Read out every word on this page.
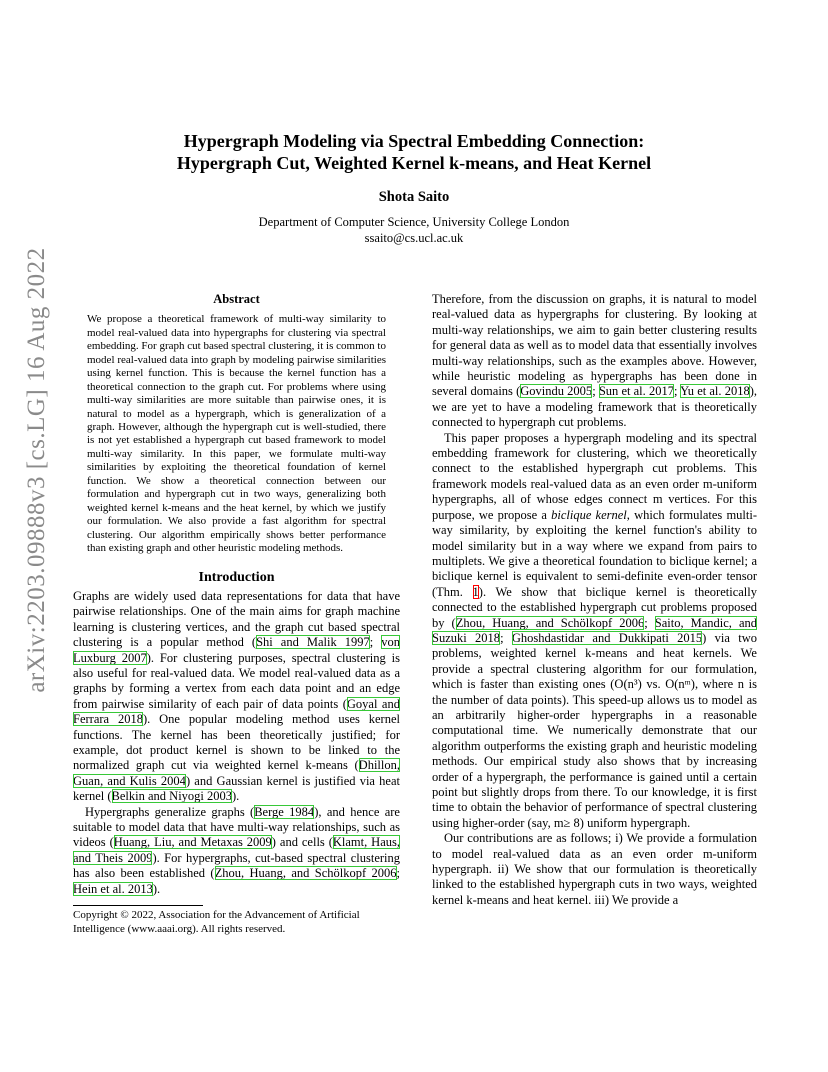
arXiv:2203.09888v3 [cs.LG] 16 Aug 2022
Hypergraph Modeling via Spectral Embedding Connection:
Hypergraph Cut, Weighted Kernel k-means, and Heat Kernel
Shota Saito
Department of Computer Science, University College London
ssaito@cs.ucl.ac.uk
Abstract

We propose a theoretical framework of multi-way similarity to model real-valued data into hypergraphs for clustering via spectral embedding. For graph cut based spectral clustering, it is common to model real-valued data into graph by modeling pairwise similarities using kernel function. This is because the kernel function has a theoretical connection to the graph cut. For problems where using multi-way similarities are more suitable than pairwise ones, it is natural to model as a hypergraph, which is generalization of a graph. However, although the hypergraph cut is well-studied, there is not yet established a hypergraph cut based framework to model multi-way similarity. In this paper, we formulate multi-way similarities by exploiting the theoretical foundation of kernel function. We show a theoretical connection between our formulation and hypergraph cut in two ways, generalizing both weighted kernel k-means and the heat kernel, by which we justify our formulation. We also provide a fast algorithm for spectral clustering. Our algorithm empirically shows better performance than existing graph and other heuristic modeling methods.

Introduction

Graphs are widely used data representations for data that have pairwise relationships. One of the main aims for graph machine learning is clustering vertices, and the graph cut based spectral clustering is a popular method (Shi and Malik 1997; von Luxburg 2007). For clustering purposes, spectral clustering is also useful for real-valued data. We model real-valued data as a graphs by forming a vertex from each data point and an edge from pairwise similarity of each pair of data points (Goyal and Ferrara 2018). One popular modeling method uses kernel functions. The kernel has been theoretically justified; for example, dot product kernel is shown to be linked to the normalized graph cut via weighted kernel k-means (Dhillon, Guan, and Kulis 2004) and Gaussian kernel is justified via heat kernel (Belkin and Niyogi 2003).

Hypergraphs generalize graphs (Berge 1984), and hence are suitable to model data that have multi-way relationships, such as videos (Huang, Liu, and Metaxas 2009) and cells (Klamt, Haus, and Theis 2009). For hypergraphs, cut-based spectral clustering has also been established (Zhou, Huang, and Schölkopf 2006; Hein et al. 2013).

Copyright © 2022, Association for the Advancement of Artificial Intelligence (www.aaai.org). All rights reserved.

Therefore, from the discussion on graphs, it is natural to model real-valued data as hypergraphs for clustering. By looking at multi-way relationships, we aim to gain better clustering results for general data as well as to model data that essentially involves multi-way relationships, such as the examples above. However, while heuristic modeling as hypergraphs has been done in several domains (Govindu 2005; Sun et al. 2017; Yu et al. 2018), we are yet to have a modeling framework that is theoretically connected to hypergraph cut problems.

This paper proposes a hypergraph modeling and its spectral embedding framework for clustering, which we theoretically connect to the established hypergraph cut problems. This framework models real-valued data as an even order m-uniform hypergraphs, all of whose edges connect m vertices. For this purpose, we propose a biclique kernel, which formulates multi-way similarity, by exploiting the kernel function's ability to model similarity but in a way where we expand from pairs to multiplets. We give a theoretical foundation to biclique kernel; a biclique kernel is equivalent to semi-definite even-order tensor (Thm. 1). We show that biclique kernel is theoretically connected to the established hypergraph cut problems proposed by (Zhou, Huang, and Schölkopf 2006; Saito, Mandic, and Suzuki 2018; Ghoshdastidar and Dukkipati 2015) via two problems, weighted kernel k-means and heat kernels. We provide a spectral clustering algorithm for our formulation, which is faster than existing ones (O(n³) vs. O(nᵐ), where n is the number of data points). This speed-up allows us to model as an arbitrarily higher-order hypergraphs in a reasonable computational time. We numerically demonstrate that our algorithm outperforms the existing graph and heuristic modeling methods. Our empirical study also shows that by increasing order of a hypergraph, the performance is gained until a certain point but slightly drops from there. To our knowledge, it is first time to obtain the behavior of performance of spectral clustering using higher-order (say, m≥ 8) uniform hypergraph.

Our contributions are as follows; i) We provide a formulation to model real-valued data as an even order m-uniform hypergraph. ii) We show that our formulation is theoretically linked to the established hypergraph cuts in two ways, weighted kernel k-means and heat kernel. iii) We provide a
